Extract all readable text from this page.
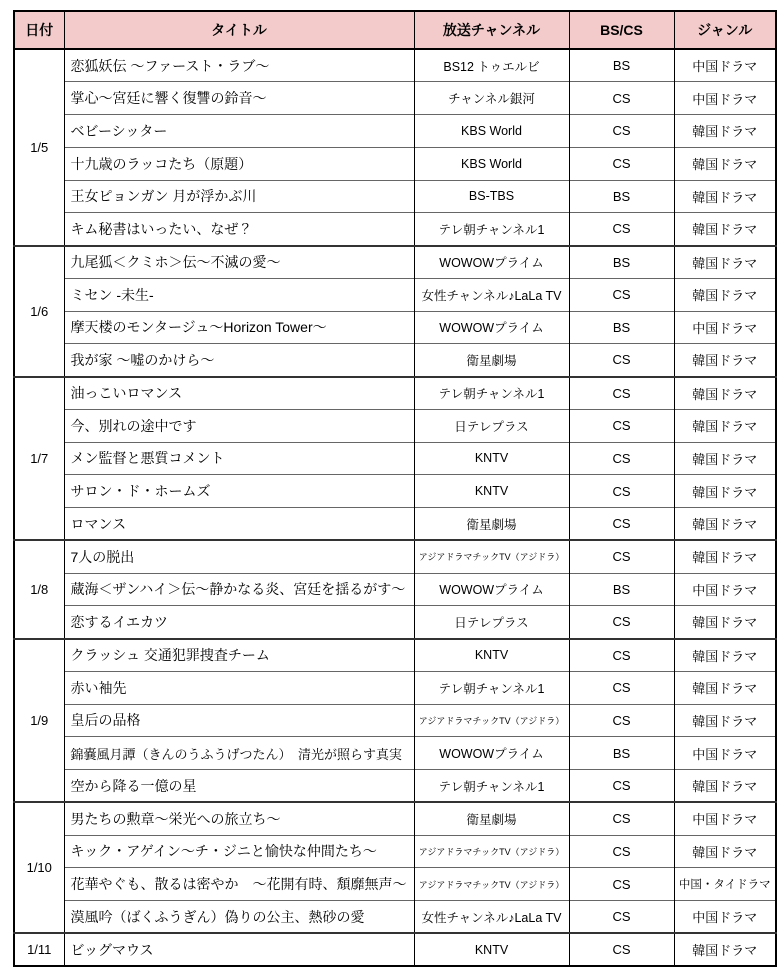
日付	タイトル	放送チャンネル	BS/CS	ジャンル
1/5	恋狐妖伝 ～ファースト・ラブ～	BS12 トゥエルビ	BS	中国ドラマ
	掌心～宮廷に響く復讐の鈴音～	チャンネル銀河	CS	中国ドラマ
	ベビーシッター	KBS World	CS	韓国ドラマ
	十九歳のラッコたち（原題）	KBS World	CS	韓国ドラマ
	王女ピョンガン 月が浮かぶ川	BS-TBS	BS	韓国ドラマ
	キム秘書はいったい、なぜ？	テレ朝チャンネル1	CS	韓国ドラマ
1/6	九尾狐＜クミホ＞伝～不滅の愛～	WOWOWプライム	BS	韓国ドラマ
	ミセン -未生-	女性チャンネル♪LaLa TV	CS	韓国ドラマ
	摩天楼のモンタージュ～Horizon Tower～	WOWOWプライム	BS	中国ドラマ
	我が家 ～嘘のかけら～	衛星劇場	CS	韓国ドラマ
1/7	油っこいロマンス	テレ朝チャンネル1	CS	韓国ドラマ
	今、別れの途中です	日テレプラス	CS	韓国ドラマ
	メン監督と悪質コメント	KNTV	CS	韓国ドラマ
	サロン・ド・ホームズ	KNTV	CS	韓国ドラマ
	ロマンス	衛星劇場	CS	韓国ドラマ
1/8	7人の脱出	アジアドラマチックTV（アジドラ）	CS	韓国ドラマ
	蔵海＜ザンハイ＞伝～静かなる炎、宮廷を揺るがす～	WOWOWプライム	BS	中国ドラマ
	恋するイエカツ	日テレプラス	CS	韓国ドラマ
1/9	クラッシュ 交通犯罪捜査チーム	KNTV	CS	韓国ドラマ
	赤い袖先	テレ朝チャンネル1	CS	韓国ドラマ
	皇后の品格	アジアドラマチックTV（アジドラ）	CS	韓国ドラマ
	錦嚢風月譚（きんのうふうげつたん）　清光が照らす真実	WOWOWプライム	BS	中国ドラマ
	空から降る一億の星	テレ朝チャンネル1	CS	韓国ドラマ
1/10	男たちの勲章～栄光への旅立ち～	衛星劇場	CS	中国ドラマ
	キック・アゲイン～チ・ジニと愉快な仲間たち～	アジアドラマチックTV（アジドラ）	CS	韓国ドラマ
	花華やぐも、散るは密やか　～花開有時、頽靡無声～	アジアドラマチックTV（アジドラ）	CS	中国・タイドラマ
	漠風吟（ばくふうぎん）偽りの公主、熱砂の愛	女性チャンネル♪LaLa TV	CS	中国ドラマ
1/11	ビッグマウス	KNTV	CS	韓国ドラマ
